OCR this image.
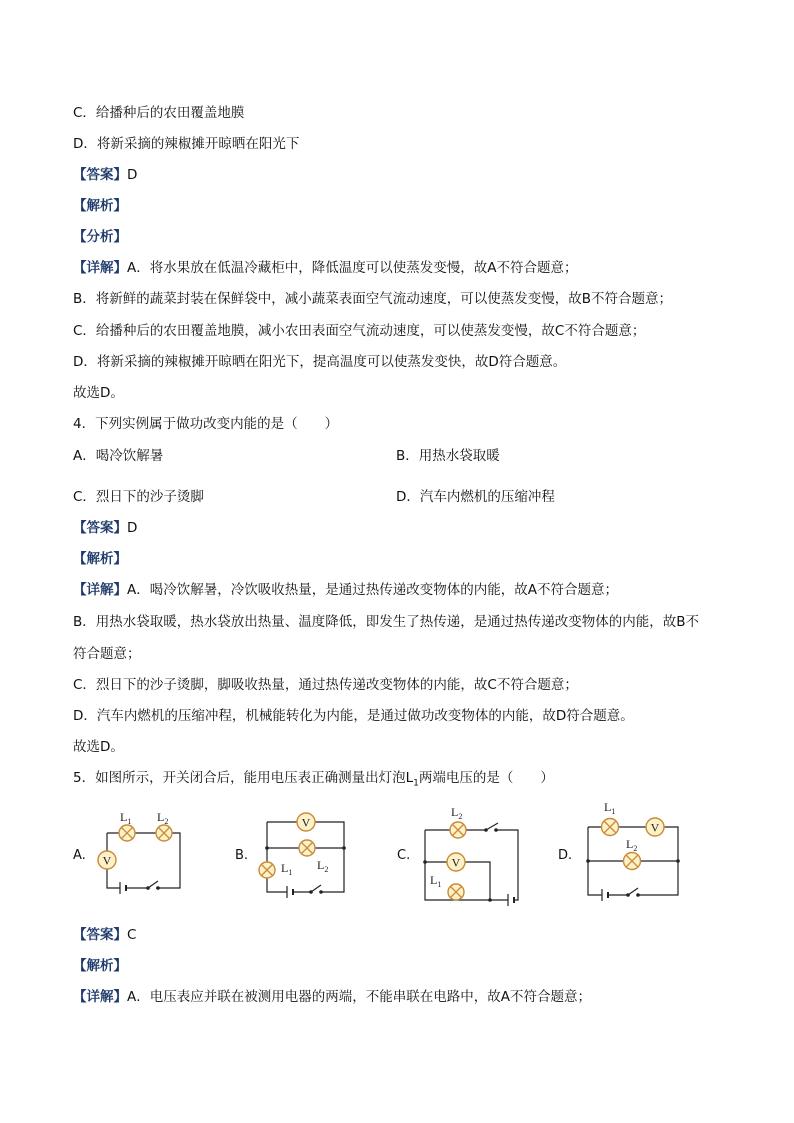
C．给播种后的农田覆盖地膜
D．将新采摘的辣椒摊开晾晒在阳光下
【答案】D
【解析】
【分析】
【详解】A．将水果放在低温冷藏柜中，降低温度可以使蒸发变慢，故A不符合题意；
B．将新鲜的蔬菜封装在保鲜袋中，减小蔬菜表面空气流动速度，可以使蒸发变慢，故B不符合题意；
C．给播种后的农田覆盖地膜，减小农田表面空气流动速度，可以使蒸发变慢，故C不符合题意；
D．将新采摘的辣椒摊开晾晒在阳光下，提高温度可以使蒸发变快，故D符合题意。
故选D。
4．下列实例属于做功改变内能的是（　　）
A．喝冷饮解暑	B．用热水袋取暖
C．烈日下的沙子烫脚	D．汽车内燃机的压缩冲程
【答案】D
【解析】
【详解】A．喝冷饮解暑，冷饮吸收热量，是通过热传递改变物体的内能，故A不符合题意；
B．用热水袋取暖，热水袋放出热量、温度降低，即发生了热传递，是通过热传递改变物体的内能，故B不
符合题意；
C．烈日下的沙子烫脚，脚吸收热量，通过热传递改变物体的内能，故C不符合题意；
D．汽车内燃机的压缩冲程，机械能转化为内能，是通过做功改变物体的内能，故D符合题意。
故选D。
5．如图所示，开关闭合后，能用电压表正确测量出灯泡$L_1$两端电压的是（　　）
A.	B.	C.	D.
V
$L_1$ $L_2$	V
$L_1$
$L_2$	V
$L_2$
$L_1$
V
$L_1$
$L_2$
【答案】C
【解析】
【详解】A．电压表应并联在被测用电器的两端，不能串联在电路中，故A不符合题意；
